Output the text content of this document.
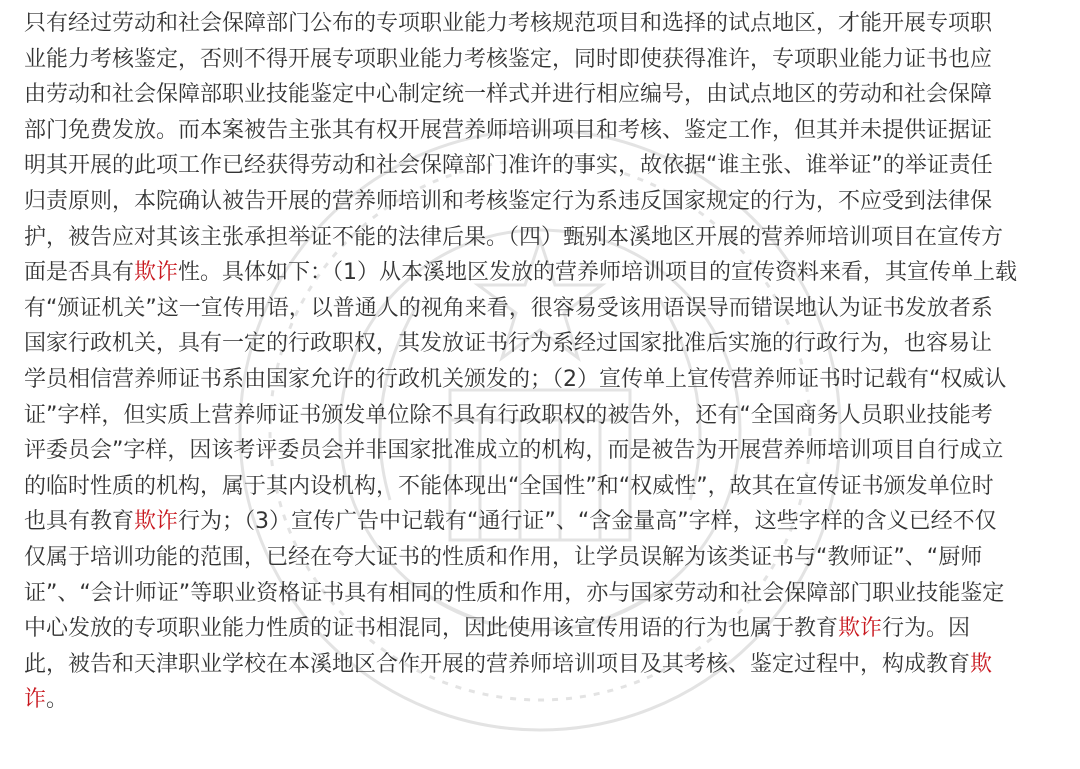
只有经过劳动和社会保障部门公布的专项职业能力考核规范项目和选择的试点地区，才能开展专项职
业能力考核鉴定，否则不得开展专项职业能力考核鉴定，同时即使获得准许，专项职业能力证书也应
由劳动和社会保障部职业技能鉴定中心制定统一样式并进行相应编号，由试点地区的劳动和社会保障
部门免费发放。而本案被告主张其有权开展营养师培训项目和考核、鉴定工作，但其并未提供证据证
明其开展的此项工作已经获得劳动和社会保障部门准许的事实，故依据“谁主张、谁举证”的举证责任
归责原则，本院确认被告开展的营养师培训和考核鉴定行为系违反国家规定的行为，不应受到法律保
护，被告应对其该主张承担举证不能的法律后果。（四）甄别本溪地区开展的营养师培训项目在宣传方
面是否具有欺诈性。具体如下：（1）从本溪地区发放的营养师培训项目的宣传资料来看，其宣传单上载
有“颁证机关”这一宣传用语，以普通人的视角来看，很容易受该用语误导而错误地认为证书发放者系
国家行政机关，具有一定的行政职权，其发放证书行为系经过国家批准后实施的行政行为，也容易让
学员相信营养师证书系由国家允许的行政机关颁发的；（2）宣传单上宣传营养师证书时记载有“权威认
证”字样，但实质上营养师证书颁发单位除不具有行政职权的被告外，还有“全国商务人员职业技能考
评委员会”字样，因该考评委员会并非国家批准成立的机构，而是被告为开展营养师培训项目自行成立
的临时性质的机构，属于其内设机构，不能体现出“全国性”和“权威性”，故其在宣传证书颁发单位时
也具有教育欺诈行为；（3）宣传广告中记载有“通行证”、“含金量高”字样，这些字样的含义已经不仅
仅属于培训功能的范围，已经在夸大证书的性质和作用，让学员误解为该类证书与“教师证”、“厨师
证”、“会计师证”等职业资格证书具有相同的性质和作用，亦与国家劳动和社会保障部门职业技能鉴定
中心发放的专项职业能力性质的证书相混同，因此使用该宣传用语的行为也属于教育欺诈行为。因
此，被告和天津职业学校在本溪地区合作开展的营养师培训项目及其考核、鉴定过程中，构成教育欺
诈。
